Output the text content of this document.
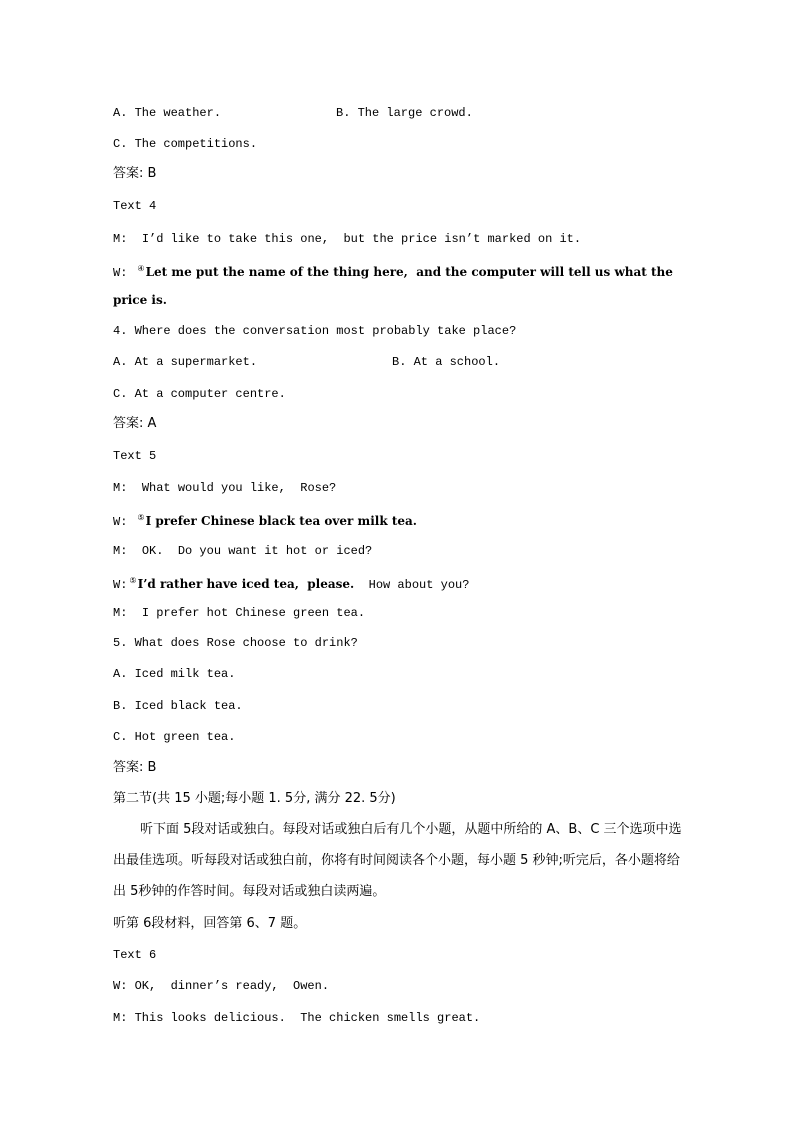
A. The weather.	B. The large crowd.
C. The competitions.
答案: B
Text 4
M: I’d like to take this one,  but the price isn’t marked on it.
W: ④Let me put the name of the thing here,  and the computer will tell us what the
price is.
4. Where does the conversation most probably take place?
A. At a supermarket.	B. At a school.
C. At a computer centre.
答案: A
Text 5
M: What would you like,  Rose?
W: ⑤I prefer Chinese black tea over milk tea.
M: OK.  Do you want it hot or iced?
W: ⑤I’d rather have iced tea,  please. How about you?
M: I prefer hot Chinese green tea.
5. What does Rose choose to drink?
A. Iced milk tea.
B. Iced black tea.
C. Hot green tea.
答案: B
第二节(共 15 小题;每小题 1. 5分, 满分 22. 5分)
听下面 5段对话或独白。每段对话或独白后有几个小题，从题中所给的 A、B、C 三个选项中选出最佳选项。听每段对话或独白前，你将有时间阅读各个小题，每小题 5 秒钟;听完后，各小题将给出 5秒钟的作答时间。每段对话或独白读两遍。
听第 6段材料，回答第 6、7 题。
Text 6
W: OK,  dinner’s ready,  Owen.
M: This looks delicious.  The chicken smells great.
